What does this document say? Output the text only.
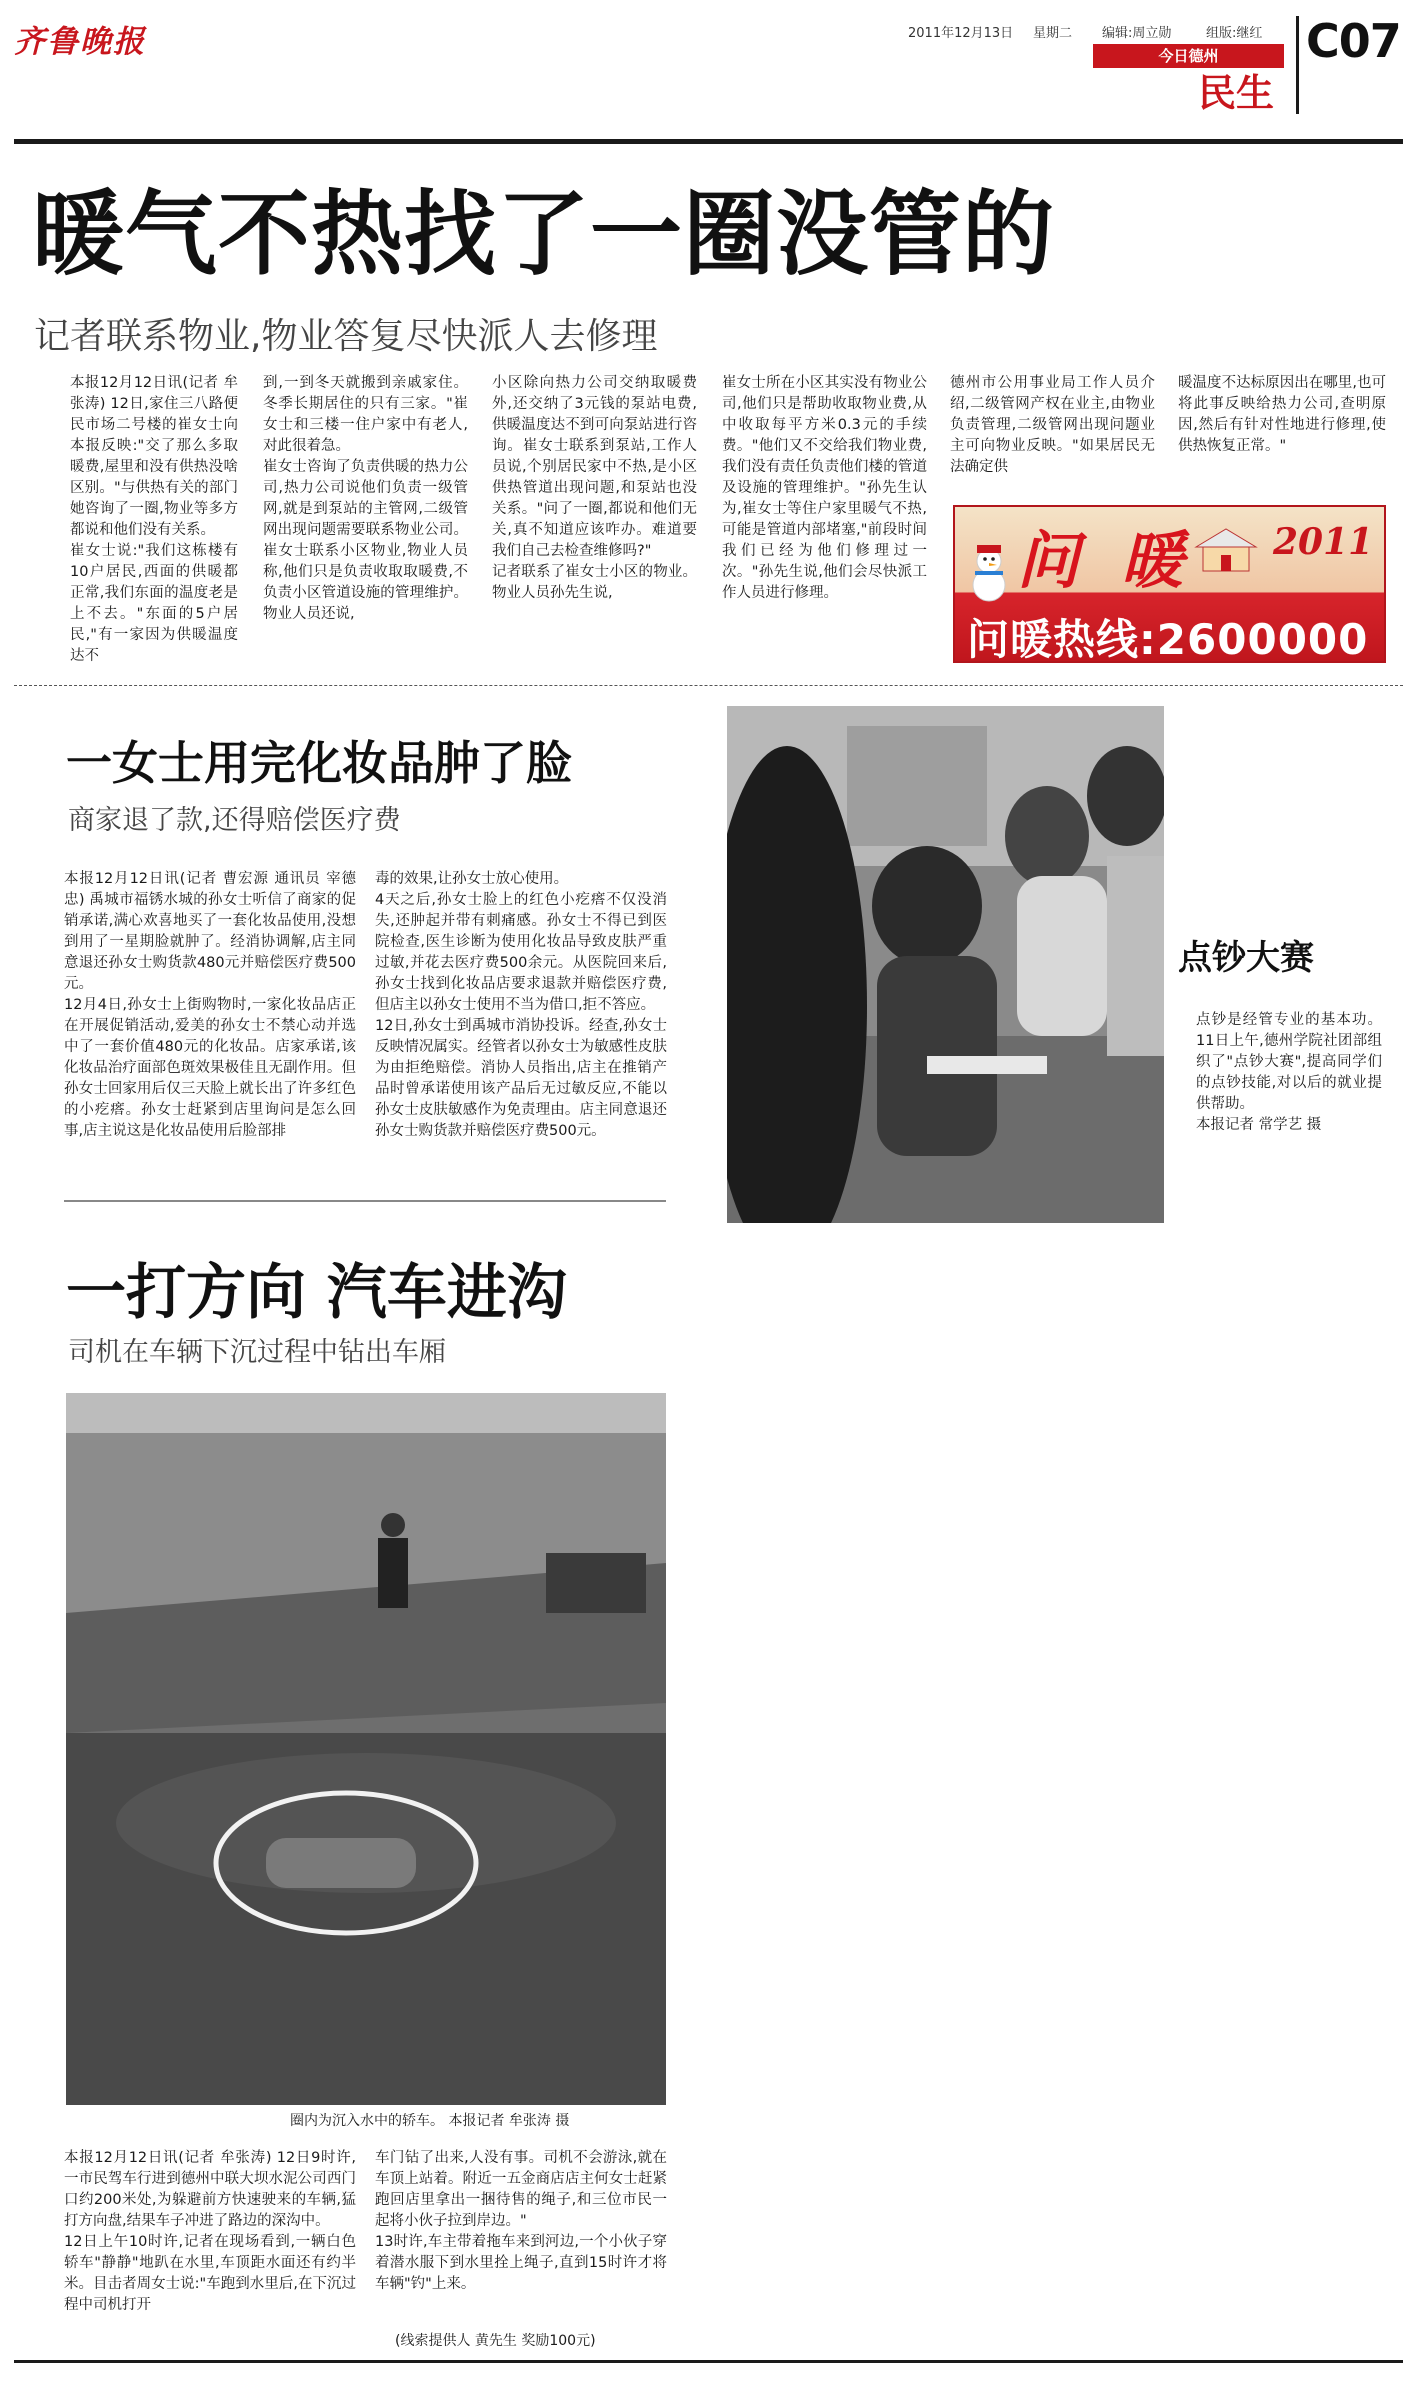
齐鲁晚报	2011年12月13日 星期二 编辑:周立勋	组版:继红
今日德州
民生
C07
暖气不热找了一圈没管的
记者联系物业,物业答复尽快派人去修理
本报12月12日讯(记者 牟张涛) 12日,家住三八路便民市场二号楼的崔女士向本报反映:"交了那么多取暖费,屋里和没有供热没啥区别。"与供热有关的部门她咨询了一圈,物业等多方都说和他们没有关系。
崔女士说:"我们这栋楼有10户居民,西面的供暖都正常,我们东面的温度老是上不去。"东面的5户居民,"有一家因为供暖温度达不
到,一到冬天就搬到亲戚家住。冬季长期居住的只有三家。"崔女士和三楼一住户家中有老人,对此很着急。
崔女士咨询了负责供暖的热力公司,热力公司说他们负责一级管网,就是到泵站的主管网,二级管网出现问题需要联系物业公司。崔女士联系小区物业,物业人员称,他们只是负责收取取暖费,不负责小区管道设施的管理维护。物业人员还说,
小区除向热力公司交纳取暖费外,还交纳了3元钱的泵站电费,供暖温度达不到可向泵站进行咨询。崔女士联系到泵站,工作人员说,个别居民家中不热,是小区供热管道出现问题,和泵站也没关系。"问了一圈,都说和他们无关,真不知道应该咋办。难道要我们自己去检查维修吗?"
记者联系了崔女士小区的物业。物业人员孙先生说,
崔女士所在小区其实没有物业公司,他们只是帮助收取物业费,从中收取每平方米0.3元的手续费。"他们又不交给我们物业费,我们没有责任负责他们楼的管道及设施的管理维护。"孙先生认为,崔女士等住户家里暖气不热,可能是管道内部堵塞,"前段时间我们已经为他们修理过一次。"孙先生说,他们会尽快派工作人员进行修理。
德州市公用事业局工作人员介绍,二级管网产权在业主,由物业负责管理,二级管网出现问题业主可向物业反映。"如果居民无法确定供
暖温度不达标原因出在哪里,也可将此事反映给热力公司,查明原因,然后有针对性地进行修理,使供热恢复正常。"
问 暖 2011
问暖热线:2600000
一女士用完化妆品肿了脸
商家退了款,还得赔偿医疗费
本报12月12日讯(记者 曹宏源 通讯员 宰德忠) 禹城市福锈水城的孙女士听信了商家的促销承诺,满心欢喜地买了一套化妆品使用,没想到用了一星期脸就肿了。经消协调解,店主同意退还孙女士购货款480元并赔偿医疗费500元。
12月4日,孙女士上街购物时,一家化妆品店正在开展促销活动,爱美的孙女士不禁心动并选中了一套价值480元的化妆品。店家承诺,该化妆品治疗面部色斑效果极佳且无副作用。但孙女士回家用后仅三天脸上就长出了许多红色的小疙瘩。孙女士赶紧到店里询问是怎么回事,店主说这是化妆品使用后脸部排
毒的效果,让孙女士放心使用。
4天之后,孙女士脸上的红色小疙瘩不仅没消失,还肿起并带有刺痛感。孙女士不得已到医院检查,医生诊断为使用化妆品导致皮肤严重过敏,并花去医疗费500余元。从医院回来后,孙女士找到化妆品店要求退款并赔偿医疗费,但店主以孙女士使用不当为借口,拒不答应。
12日,孙女士到禹城市消协投诉。经查,孙女士反映情况属实。经管者以孙女士为敏感性皮肤为由拒绝赔偿。消协人员指出,店主在推销产品时曾承诺使用该产品后无过敏反应,不能以孙女士皮肤敏感作为免责理由。店主同意退还孙女士购货款并赔偿医疗费500元。
点钞大赛
点钞是经管专业的基本功。11日上午,德州学院社团部组织了"点钞大赛",提高同学们的点钞技能,对以后的就业提供帮助。
本报记者 常学艺 摄
一打方向 汽车进沟
司机在车辆下沉过程中钻出车厢
圈内为沉入水中的轿车。 本报记者 牟张涛 摄
本报12月12日讯(记者 牟张涛) 12日9时许,一市民驾车行进到德州中联大坝水泥公司西门口约200米处,为躲避前方快速驶来的车辆,猛打方向盘,结果车子冲进了路边的深沟中。
12日上午10时许,记者在现场看到,一辆白色轿车"静静"地趴在水里,车顶距水面还有约半米。目击者周女士说:"车跑到水里后,在下沉过程中司机打开
车门钻了出来,人没有事。司机不会游泳,就在车顶上站着。附近一五金商店店主何女士赶紧跑回店里拿出一捆待售的绳子,和三位市民一起将小伙子拉到岸边。"
13时许,车主带着拖车来到河边,一个小伙子穿着潜水服下到水里拴上绳子,直到15时许才将车辆"钓"上来。
(线索提供人 黄先生 奖励100元)
